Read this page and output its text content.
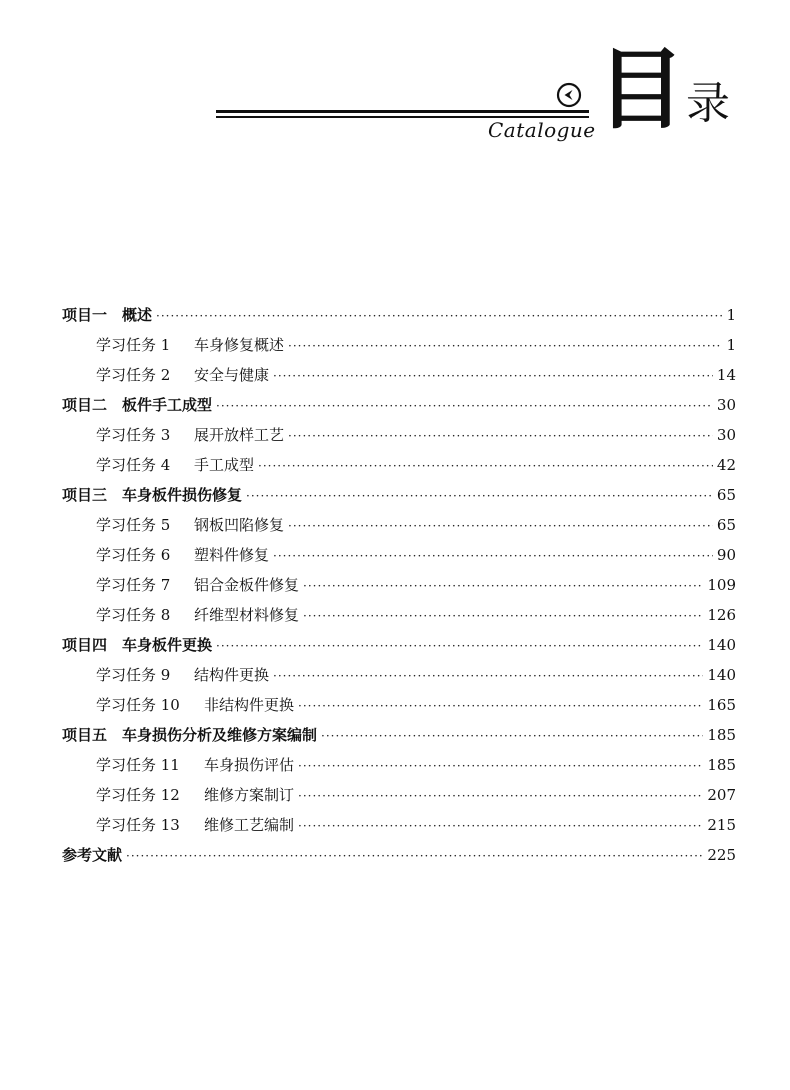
Catalogue 目 录
项目一　概述 ·····	1
学习任务 1 车身修复概述 ·····	1
学习任务 2 安全与健康 ·····	14
项目二　板件手工成型 ·····	30
学习任务 3 展开放样工艺 ·····	30
学习任务 4 手工成型 ·····	42
项目三　车身板件损伤修复 ·····	65
学习任务 5 钢板凹陷修复 ·····	65
学习任务 6 塑料件修复 ·····	90
学习任务 7 铝合金板件修复 ·····	109
学习任务 8 纤维型材料修复 ·····	126
项目四　车身板件更换 ·····	140
学习任务 9 结构件更换 ·····	140
学习任务 10 非结构件更换 ·····	165
项目五　车身损伤分析及维修方案编制 ·····	185
学习任务 11 车身损伤评估 ·····	185
学习任务 12 维修方案制订 ·····	207
学习任务 13 维修工艺编制 ·····	215
参考文献 ·····	225
